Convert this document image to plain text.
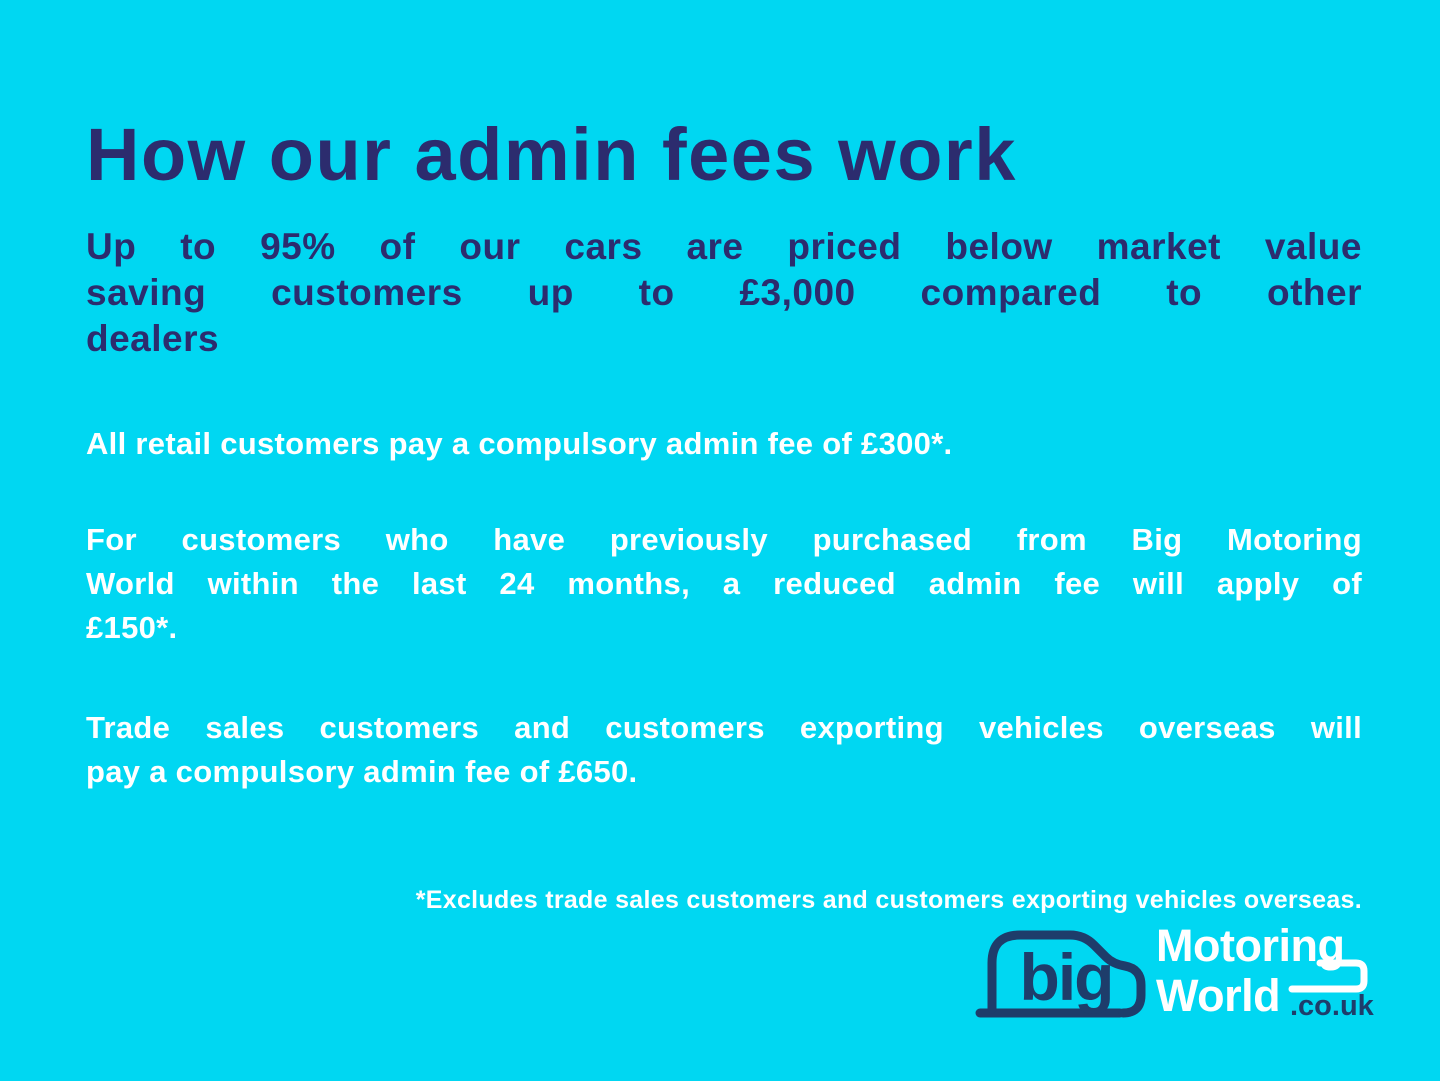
How our admin fees work
Up to 95% of our cars are priced below market value
saving customers up to £3,000 compared to other
dealers
All retail customers pay a compulsory admin fee of £300*.
For customers who have previously purchased from Big Motoring
World within the last 24 months, a reduced admin fee will apply of
£150*.
Trade sales customers and customers exporting vehicles overseas will
pay a compulsory admin fee of £650.
*Excludes trade sales customers and customers exporting vehicles overseas.
big Motoring
World .co.uk
